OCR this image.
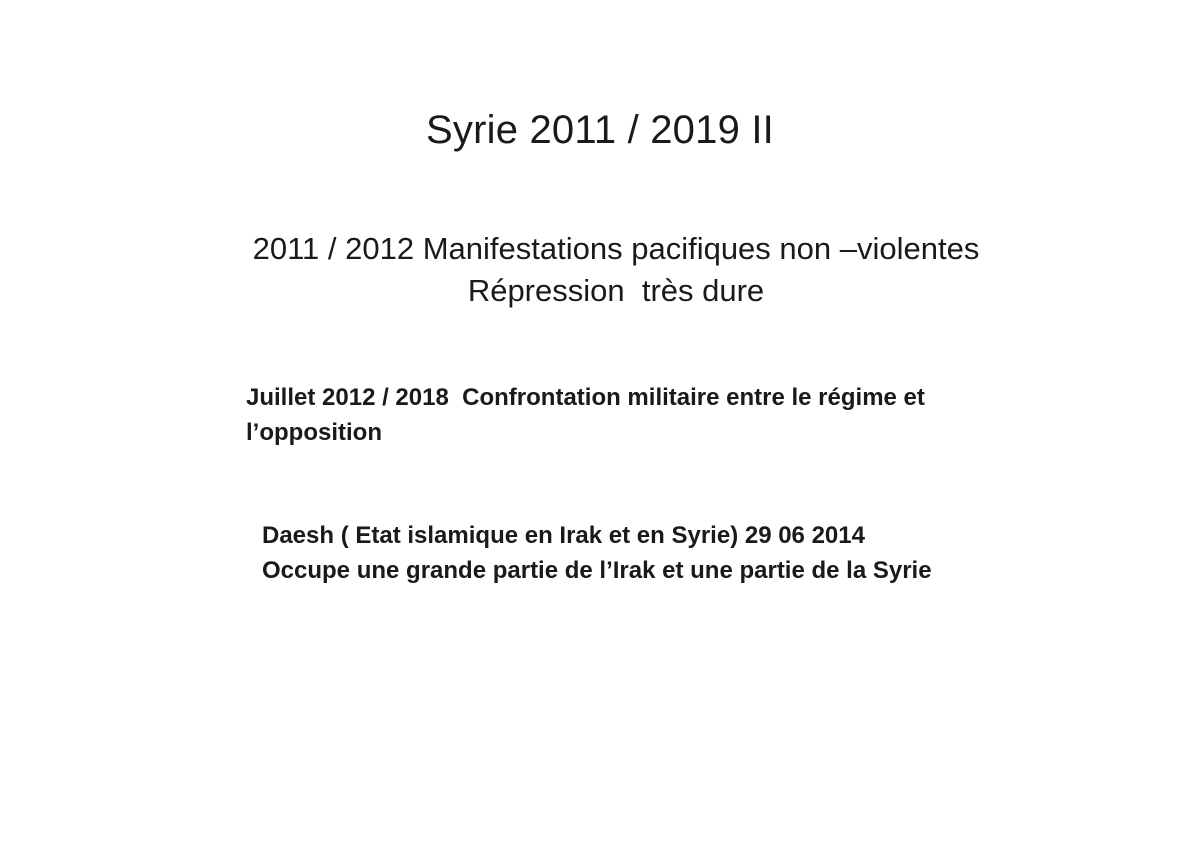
Syrie 2011 / 2019 II
2011 / 2012 Manifestations pacifiques non –violentes
Répression  très dure
Juillet 2012 / 2018  Confrontation militaire entre le régime et
l’opposition
Daesh ( Etat islamique en Irak et en Syrie) 29 06 2014
Occupe une grande partie de l’Irak et une partie de la Syrie
